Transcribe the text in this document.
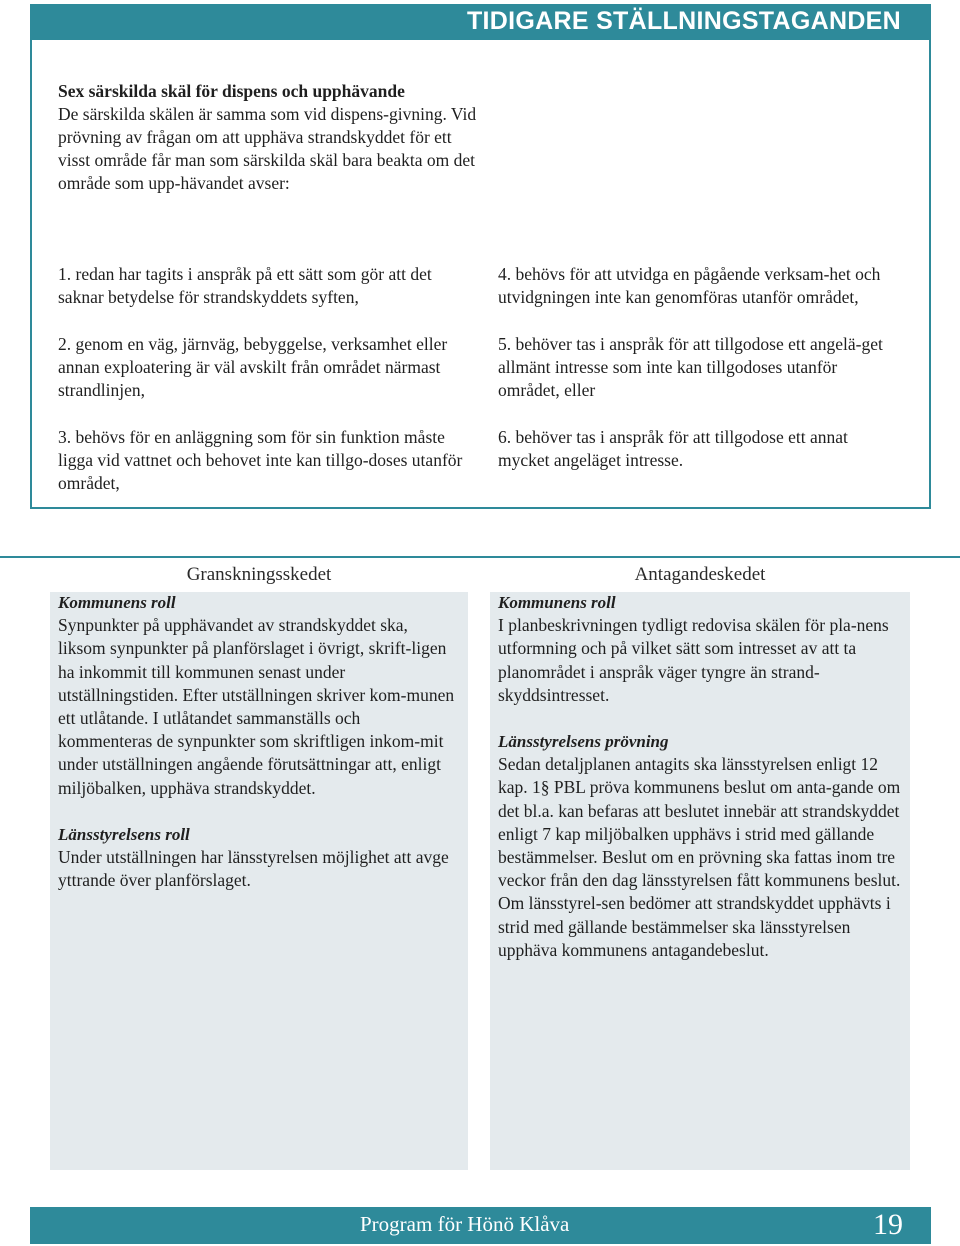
TIDIGARE STÄLLNINGSTAGANDEN

Sex särskilda skäl för dispens och upphävande

De särskilda skälen är samma som vid dispens-givning. Vid prövning av frågan om att upphäva strandskyddet för ett visst område får man som särskilda skäl bara beakta om det område som upp-hävandet avser:

1. redan har tagits i anspråk på ett sätt som gör att det saknar betydelse för strandskyddets syften,

2. genom en väg, järnväg, bebyggelse, verksamhet eller annan exploatering är väl avskilt från området närmast strandlinjen,

3. behövs för en anläggning som för sin funktion måste ligga vid vattnet och behovet inte kan tillgo-doses utanför området,

4. behövs för att utvidga en pågående verksam-het och utvidgningen inte kan genomföras utanför området,

5. behöver tas i anspråk för att tillgodose ett angelä-get allmänt intresse som inte kan tillgodoses utanför området, eller

6. behöver tas i anspråk för att tillgodose ett annat mycket angeläget intresse.

Granskningsskedet	Antagandeskedet
Kommunens roll

Synpunkter på upphävandet av strandskyddet ska, liksom synpunkter på planförslaget i övrigt, skrift-ligen ha inkommit till kommunen senast under utställningstiden. Efter utställningen skriver kom-munen ett utlåtande. I utlåtandet sammanställs och kommenteras de synpunkter som skriftligen inkom-mit under utställningen angående förutsättningar att, enligt miljöbalken, upphäva strandskyddet.

Länsstyrelsens roll

Under utställningen har länsstyrelsen möjlighet att avge yttrande över planförslaget.

Kommunens roll

I planbeskrivningen tydligt redovisa skälen för pla-nens utformning och på vilket sätt som intresset av att ta planområdet i anspråk väger tyngre än strand-skyddsintresset.

Länsstyrelsens prövning

Sedan detaljplanen antagits ska länsstyrelsen enligt 12 kap. 1§ PBL pröva kommunens beslut om anta-gande om det bl.a. kan befaras att beslutet innebär att strandskyddet enligt 7 kap miljöbalken upphävs i strid med gällande bestämmelser. Beslut om en prövning ska fattas inom tre veckor från den dag länsstyrelsen fått kommunens beslut. Om länsstyrel-sen bedömer att strandskyddet upphävts i strid med gällande bestämmelser ska länsstyrelsen upphäva kommunens antagandebeslut.

Program för Hönö Klåva	19
